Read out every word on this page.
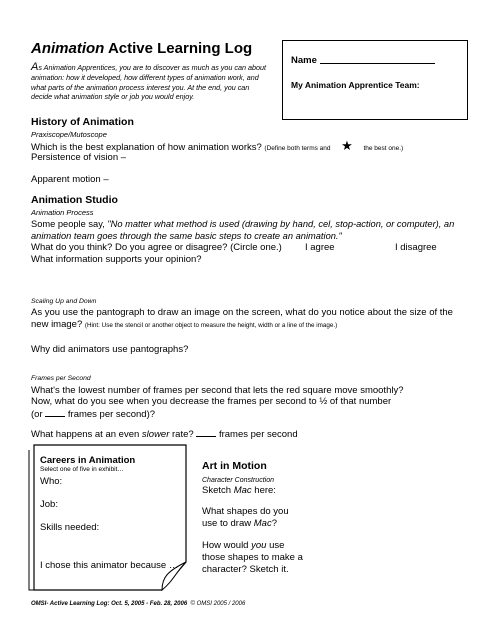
Animation Active Learning Log
As Animation Apprentices, you are to discover as much as you can about animation: how it developed, how different types of animation work, and what parts of the animation process interest you. At the end, you can decide what animation style or job you would enjoy.
Name
My Animation Apprentice Team:
History of Animation
Praxiscope/Mutoscope
Which is the best explanation of how animation works? (Define both terms and ★ the best one.)
Persistence of vision –
Apparent motion –
Animation Studio
Animation Process
Some people say, "No matter what method is used (drawing by hand, cel, stop-action, or computer), an animation team goes through the same basic steps to create an animation."
What do you think? Do you agree or disagree? (Circle one.) I agree	I disagree
What information supports your opinion?
Scaling Up and Down
As you use the pantograph to draw an image on the screen, what do you notice about the size of the
new image? (Hint: Use the stencil or another object to measure the height, width or a line of the image.)
Why did animators use pantographs?
Frames per Second
What's the lowest number of frames per second that lets the red square move smoothly?
Now, what do you see when you decrease the frames per second to ½ of that number
(or  frames per second)?
What happens at an even slower rate?  frames per second
Careers in Animation
Select one of five in exhibit…
Who:
Job:
Skills needed:
I chose this animator because …
Art in Motion
Character Construction
Sketch Mac here:
What shapes do you
use to draw Mac?
How would you use
those shapes to make a
character? Sketch it.
OMSI- Active Learning Log: Oct. 5, 2005 - Feb. 28, 2006 © OMSI 2005 / 2006
